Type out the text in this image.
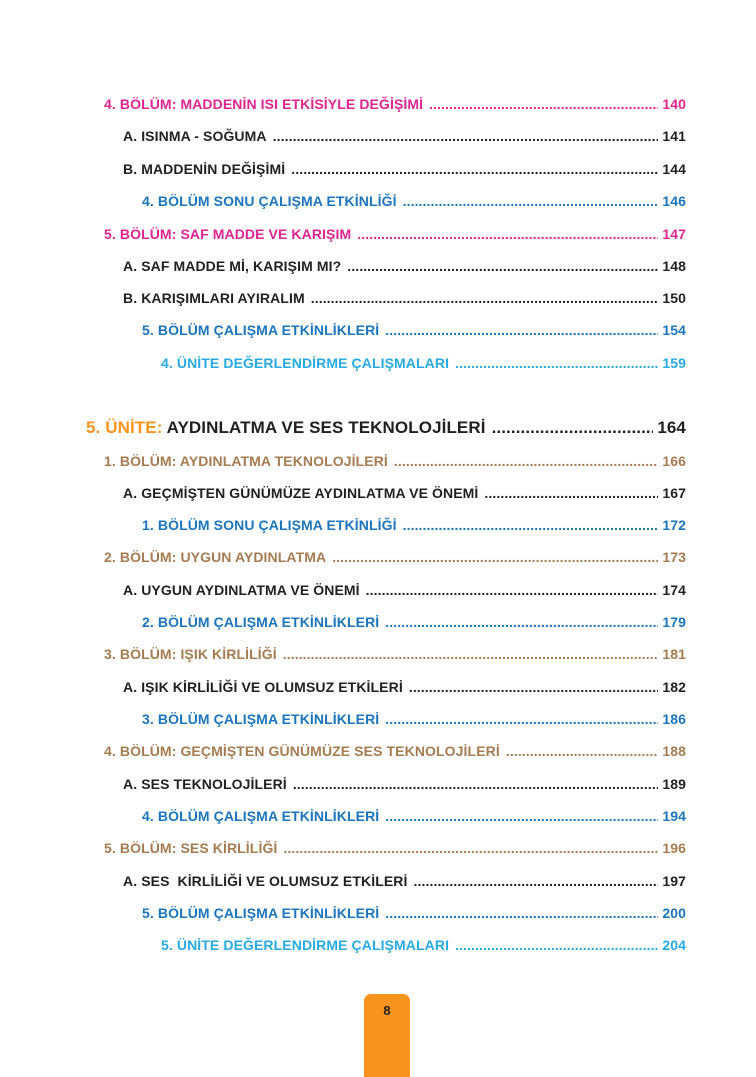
4. BÖLÜM: MADDENİN ISI ETKİSİYLE DEĞİŞİMİ .....	140
A. ISINMA - SOĞUMA .....	141
B. MADDENİN DEĞİŞİMİ .....	144
4. BÖLÜM SONU ÇALIŞMA ETKİNLİĞİ .....	146
5. BÖLÜM: SAF MADDE VE KARIŞIM .....	147
A. SAF MADDE Mİ, KARIŞIM MI? .....	148
B. KARIŞIMLARI AYIRALIM .....	150
5. BÖLÜM ÇALIŞMA ETKİNLİKLERİ .....	154
4. ÜNİTE DEĞERLENDİRME ÇALIŞMALARI .....	159
5. ÜNİTE: AYDINLATMA VE SES TEKNOLOJİLERİ .....	164
1. BÖLÜM: AYDINLATMA TEKNOLOJİLERİ .....	166
A. GEÇMİŞTEN GÜNÜMÜZE AYDINLATMA VE ÖNEMİ .....	167
1. BÖLÜM SONU ÇALIŞMA ETKİNLİĞİ .....	172
2. BÖLÜM: UYGUN AYDINLATMA .....	173
A. UYGUN AYDINLATMA VE ÖNEMİ .....	174
2. BÖLÜM ÇALIŞMA ETKİNLİKLERİ .....	179
3. BÖLÜM: IŞIK KİRLİLİĞİ .....	181
A. IŞIK KİRLİLİĞİ VE OLUMSUZ ETKİLERİ .....	182
3. BÖLÜM ÇALIŞMA ETKİNLİKLERİ .....	186
4. BÖLÜM: GEÇMİŞTEN GÜNÜMÜZE SES TEKNOLOJİLERİ .....	188
A. SES TEKNOLOJİLERİ .....	189
4. BÖLÜM ÇALIŞMA ETKİNLİKLERİ .....	194
5. BÖLÜM: SES KİRLİLİĞİ .....	196
A. SES  KİRLİLİĞİ VE OLUMSUZ ETKİLERİ .....	197
5. BÖLÜM ÇALIŞMA ETKİNLİKLERİ .....	200
5. ÜNİTE DEĞERLENDİRME ÇALIŞMALARI .....	204
8
